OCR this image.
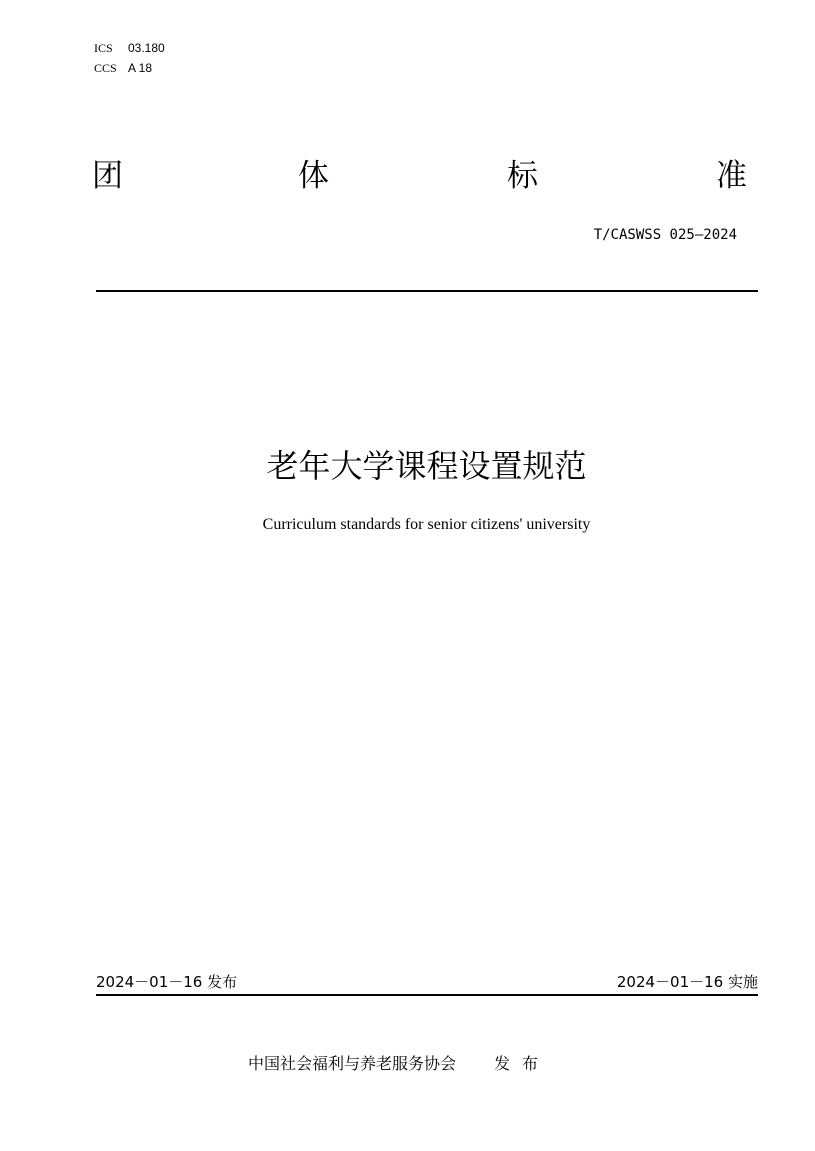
ICS 03.180
CCS A 18
团	体	标	准
T/CASWSS 025—2024
老年大学课程设置规范
Curriculum standards for senior citizens' university
2024－01－16 发布	2024－01－16 实施
中国社会福利与养老服务协会 发布
